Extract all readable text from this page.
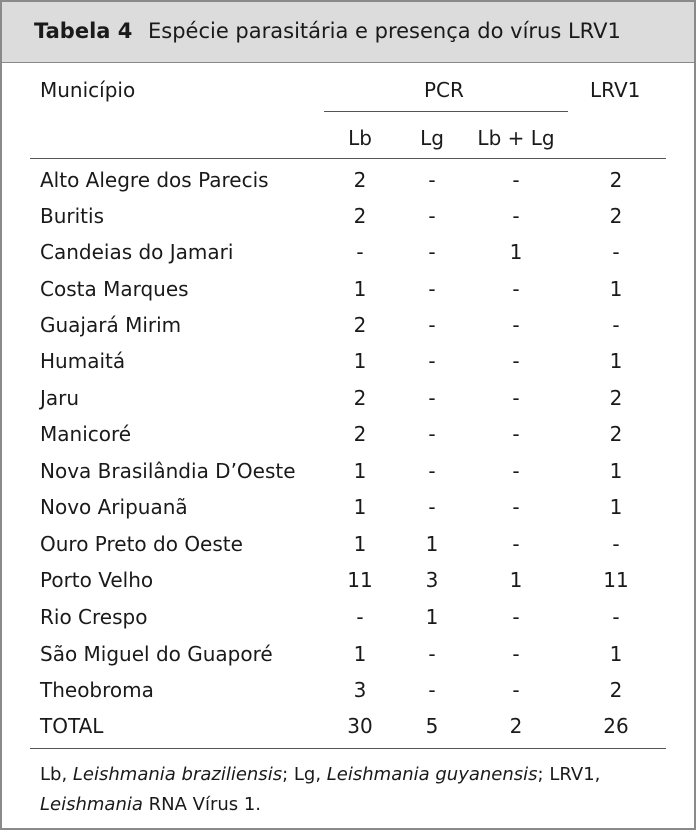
Tabela 4 Espécie parasitária e presença do vírus LRV1
Município	PCR	LRV1
Lb	Lg	Lb + Lg
Alto Alegre dos Parecis	2	-	-	2
Buritis	2	-	-	2
Candeias do Jamari	-	-	1	-
Costa Marques	1	-	-	1
Guajará Mirim	2	-	-	-
Humaitá	1	-	-	1
Jaru	2	-	-	2
Manicoré	2	-	-	2
Nova Brasilândia D’Oeste	1	-	-	1
Novo Aripuanã	1	-	-	1
Ouro Preto do Oeste	1	1	-	-
Porto Velho	11	3	1	11
Rio Crespo	-	1	-	-
São Miguel do Guaporé	1	-	-	1
Theobroma	3	-	-	2
TOTAL	30	5	2	26
Lb, Leishmania braziliensis; Lg, Leishmania guyanensis; LRV1,
Leishmania RNA Vírus 1.
